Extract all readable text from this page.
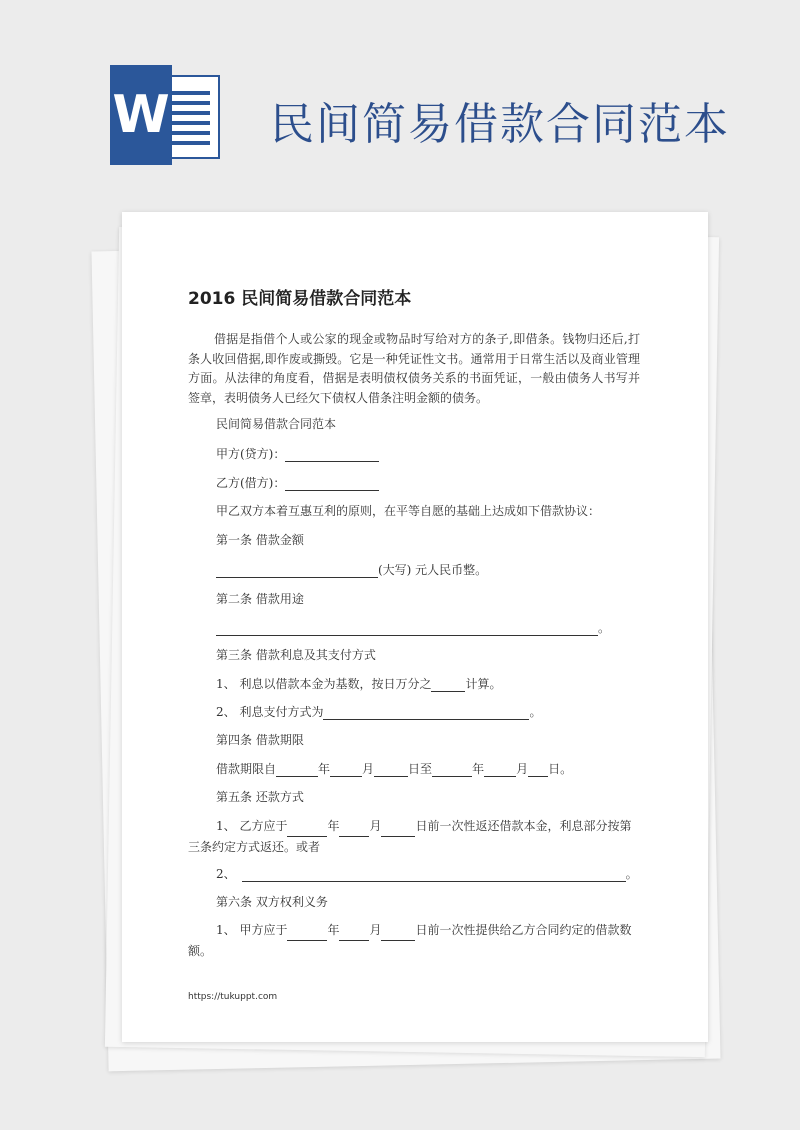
W 民间简易借款合同范本
2016 民间简易借款合同范本

借据是指借个人或公家的现金或物品时写给对方的条子,即借条。钱物归还后,打条人收回借据,即作废或撕毁。它是一种凭证性文书。通常用于日常生活以及商业管理方面。从法律的角度看，借据是表明债权债务关系的书面凭证，一般由债务人书写并签章，表明债务人已经欠下债权人借条注明金额的债务。

民间简易借款合同范本

甲方(贷方)：

乙方(借方)：

甲乙双方本着互惠互利的原则，在平等自愿的基础上达成如下借款协议：

第一条 借款金额

(大写) 元人民币整。

第二条 借款用途

。

第三条 借款利息及其支付方式

1、 利息以借款本金为基数，按日万分之	计算。

2、 利息支付方式为	。

第四条 借款期限

借款期限自	年	月	日至	年	月 日。

第五条 还款方式

1、 乙方应于	年	月	日前一次性返还借款本金，利息部分按第三条约定方式返还。或者

2、	。

第六条 双方权利义务

1、 甲方应于	年	月	日前一次性提供给乙方合同约定的借款数额。

https://tukuppt.com
